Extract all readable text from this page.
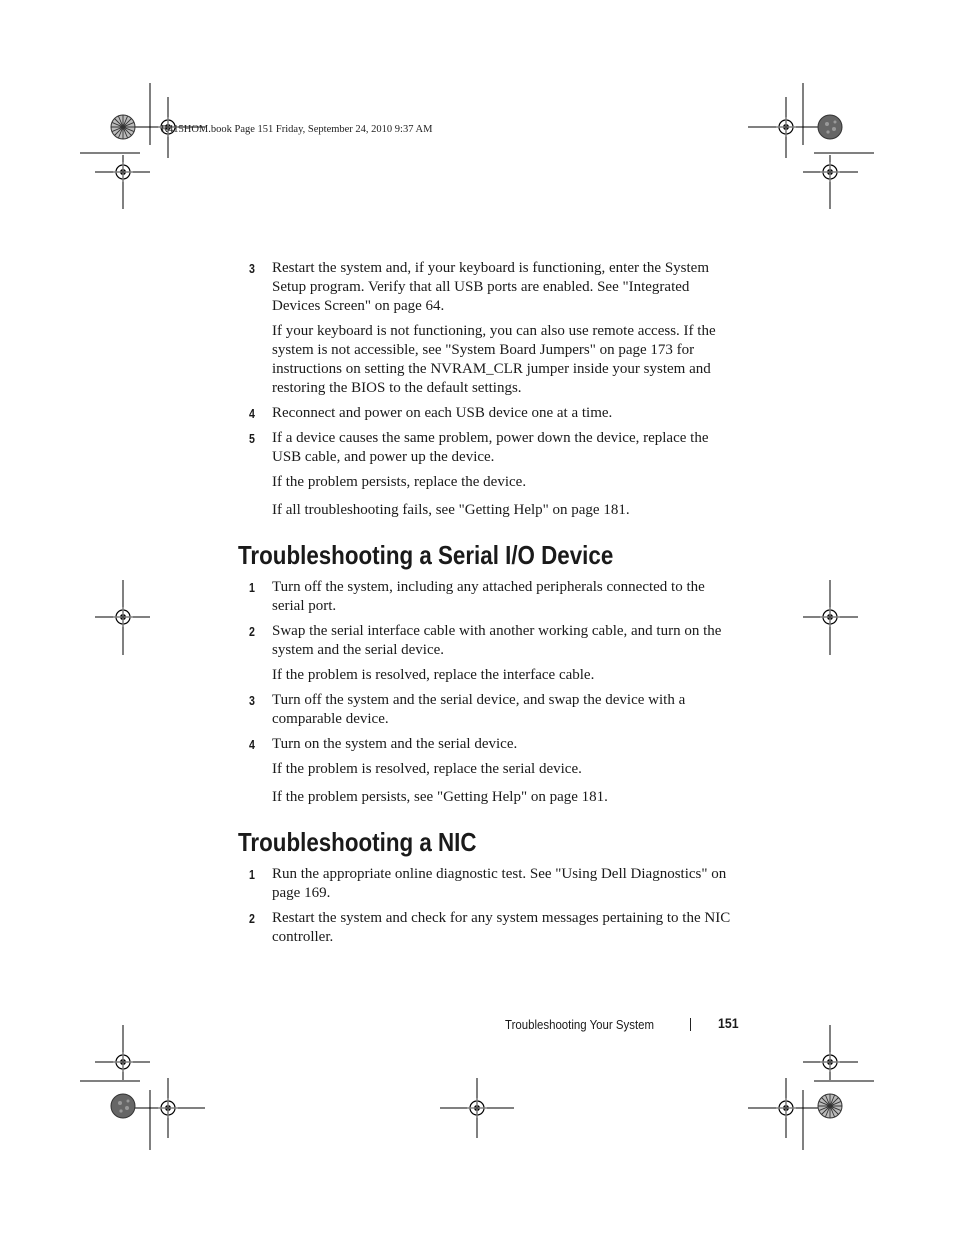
R415HOM.book Page 151 Friday, September 24, 2010 9:37 AM
3 Restart the system and, if your keyboard is functioning, enter the System Setup program. Verify that all USB ports are enabled. See "Integrated Devices Screen" on page 64.

If your keyboard is not functioning, you can also use remote access. If the system is not accessible, see "System Board Jumpers" on page 173 for instructions on setting the NVRAM_CLR jumper inside your system and restoring the BIOS to the default settings.

4 Reconnect and power on each USB device one at a time.

5 If a device causes the same problem, power down the device, replace the USB cable, and power up the device.

If the problem persists, replace the device.

If all troubleshooting fails, see "Getting Help" on page 181.

Troubleshooting a Serial I/O Device
1 Turn off the system, including any attached peripherals connected to the serial port.

2 Swap the serial interface cable with another working cable, and turn on the system and the serial device.

If the problem is resolved, replace the interface cable.

3 Turn off the system and the serial device, and swap the device with a comparable device.

4 Turn on the system and the serial device.

If the problem is resolved, replace the serial device.

If the problem persists, see "Getting Help" on page 181.

Troubleshooting a NIC
1 Run the appropriate online diagnostic test. See "Using Dell Diagnostics" on page 169.

2 Restart the system and check for any system messages pertaining to the NIC controller.

Troubleshooting Your System	151
